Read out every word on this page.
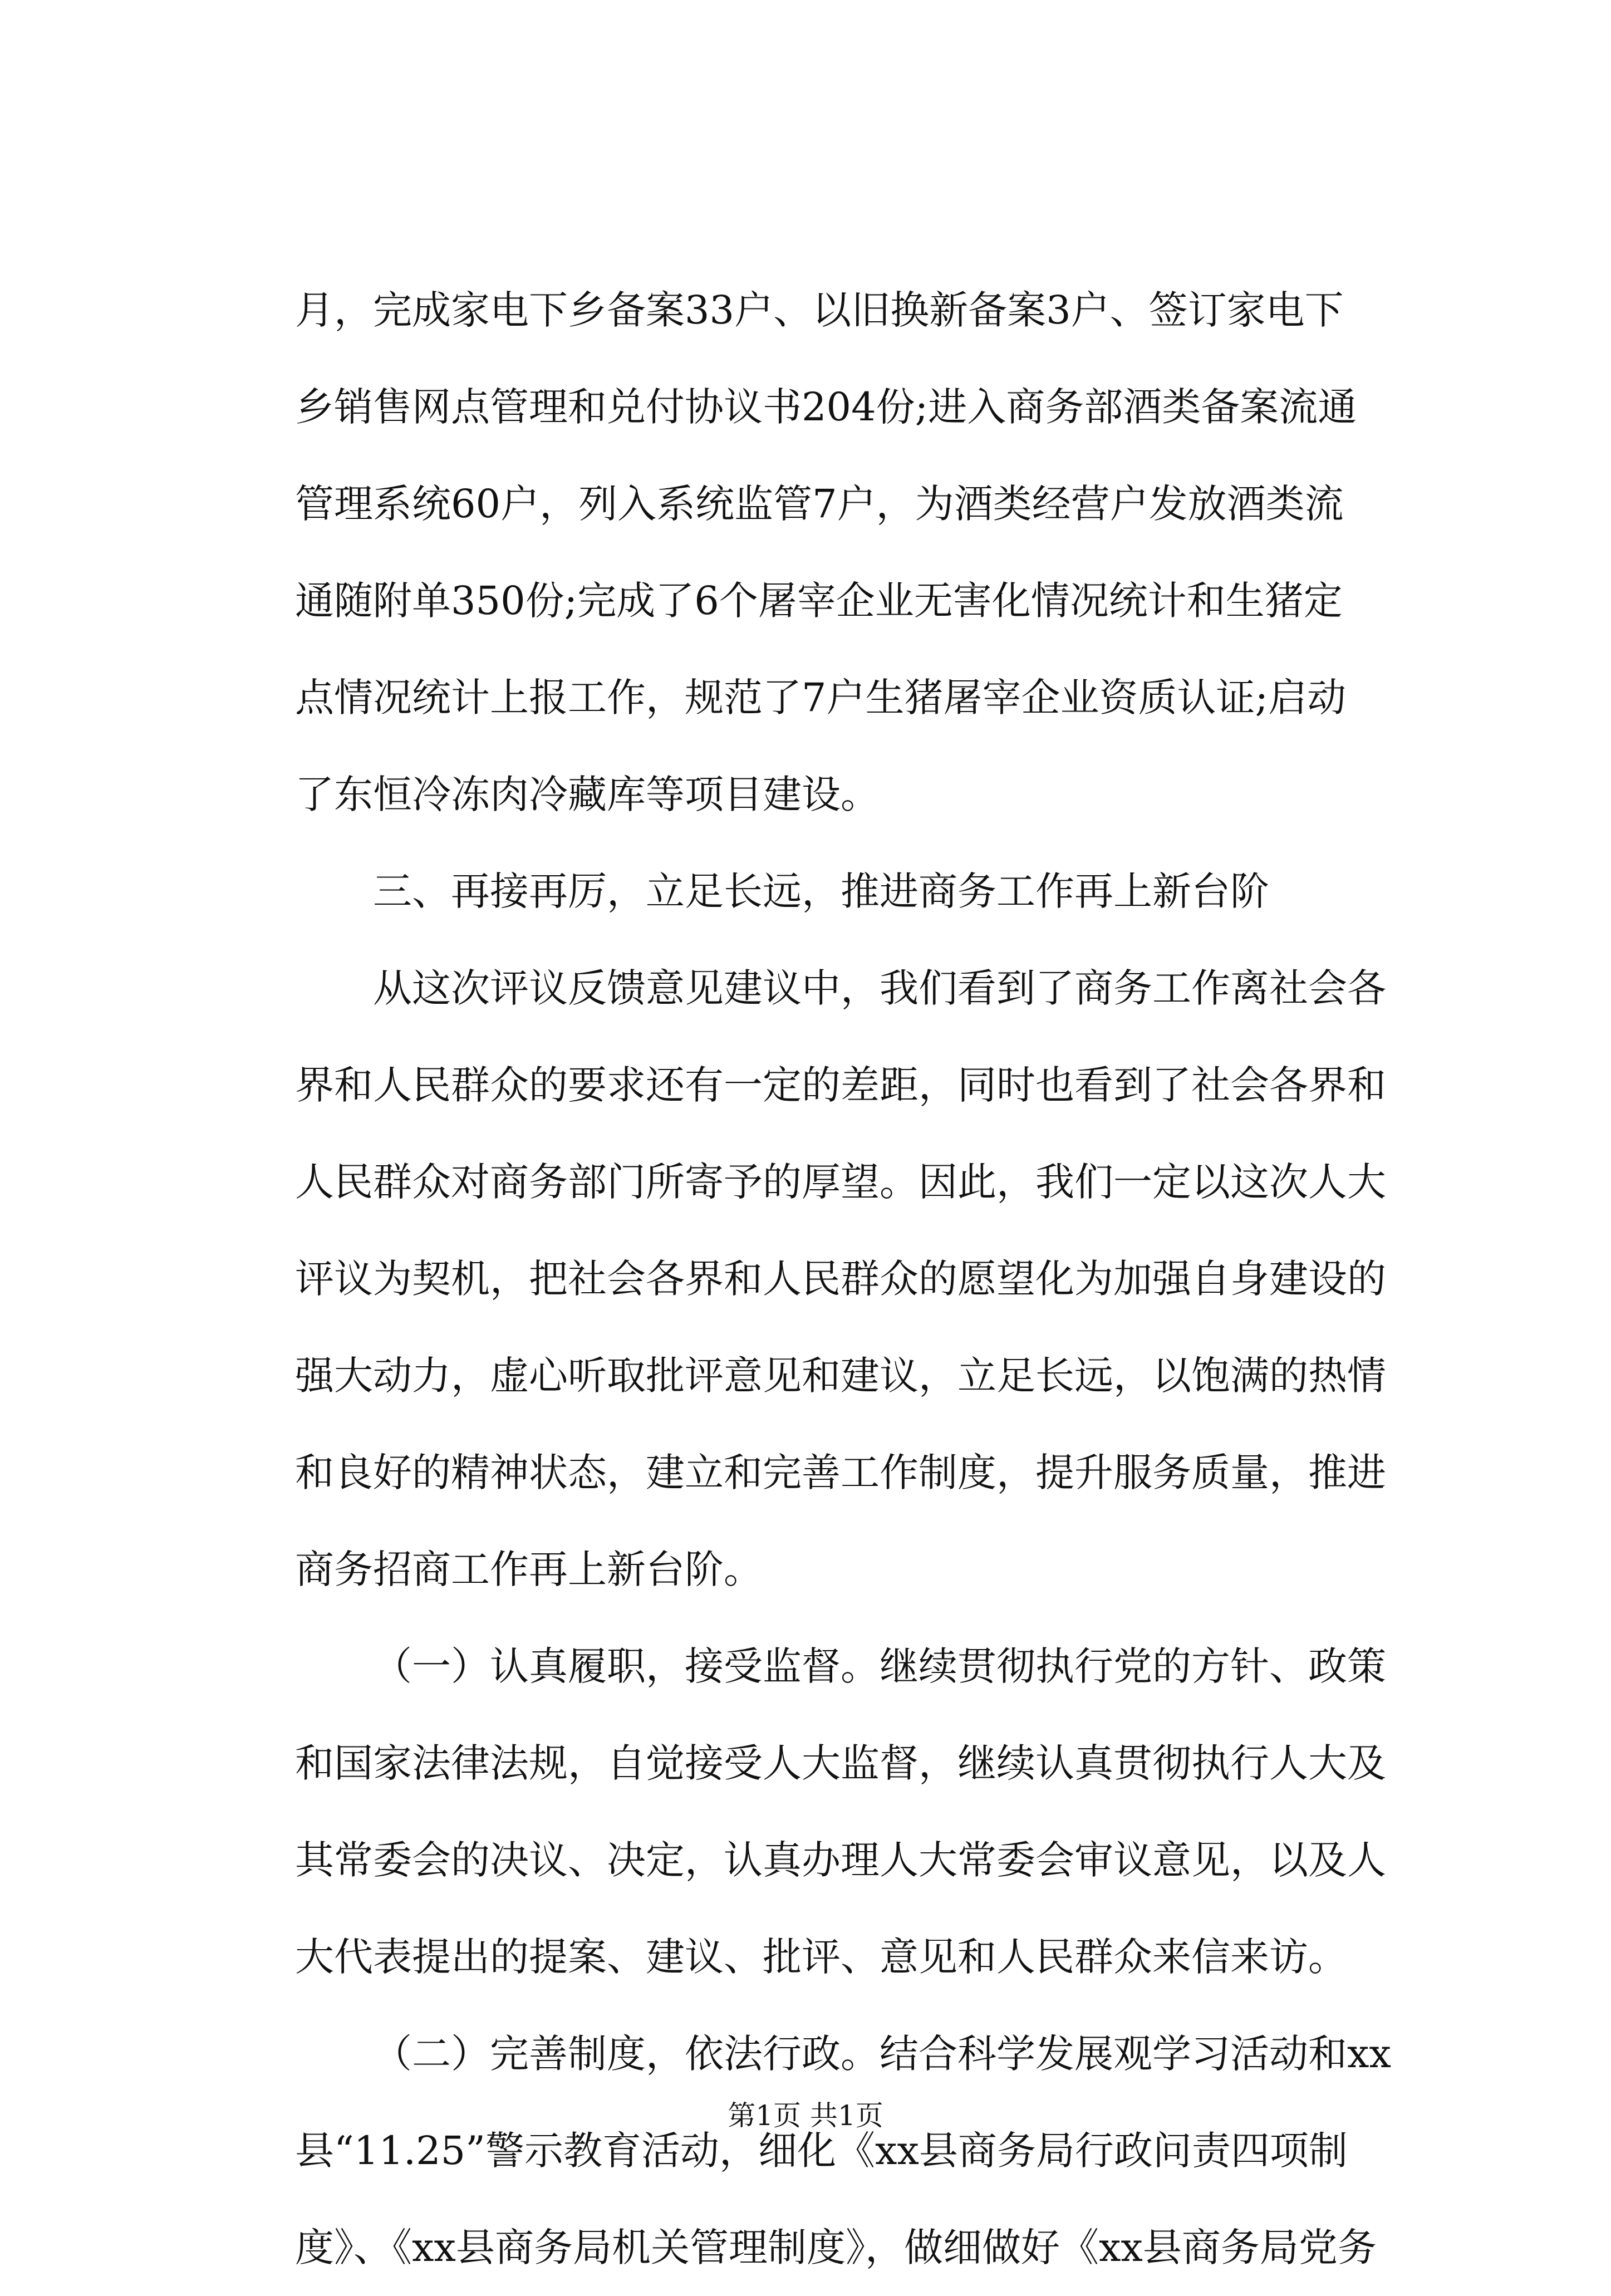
月，完成家电下乡备案33户、以旧换新备案3户、签订家电下
乡销售网点管理和兑付协议书204份;进入商务部酒类备案流通
管理系统60户，列入系统监管7户，为酒类经营户发放酒类流
通随附单350份;完成了6个屠宰企业无害化情况统计和生猪定
点情况统计上报工作，规范了7户生猪屠宰企业资质认证;启动
了东恒冷冻肉冷藏库等项目建设。
三、再接再厉，立足长远，推进商务工作再上新台阶
从这次评议反馈意见建议中，我们看到了商务工作离社会各
界和人民群众的要求还有一定的差距，同时也看到了社会各界和
人民群众对商务部门所寄予的厚望。因此，我们一定以这次人大
评议为契机，把社会各界和人民群众的愿望化为加强自身建设的
强大动力，虚心听取批评意见和建议，立足长远，以饱满的热情
和良好的精神状态，建立和完善工作制度，提升服务质量，推进
商务招商工作再上新台阶。
（一）认真履职，接受监督。继续贯彻执行党的方针、政策
和国家法律法规，自觉接受人大监督，继续认真贯彻执行人大及
其常委会的决议、决定，认真办理人大常委会审议意见，以及人
大代表提出的提案、建议、批评、意见和人民群众来信来访。
（二）完善制度，依法行政。结合科学发展观学习活动和xx
县“11.25”警示教育活动，细化《xx县商务局行政问责四项制
度》、《xx县商务局机关管理制度》，做细做好《xx县商务局党务
第1页 共1页
